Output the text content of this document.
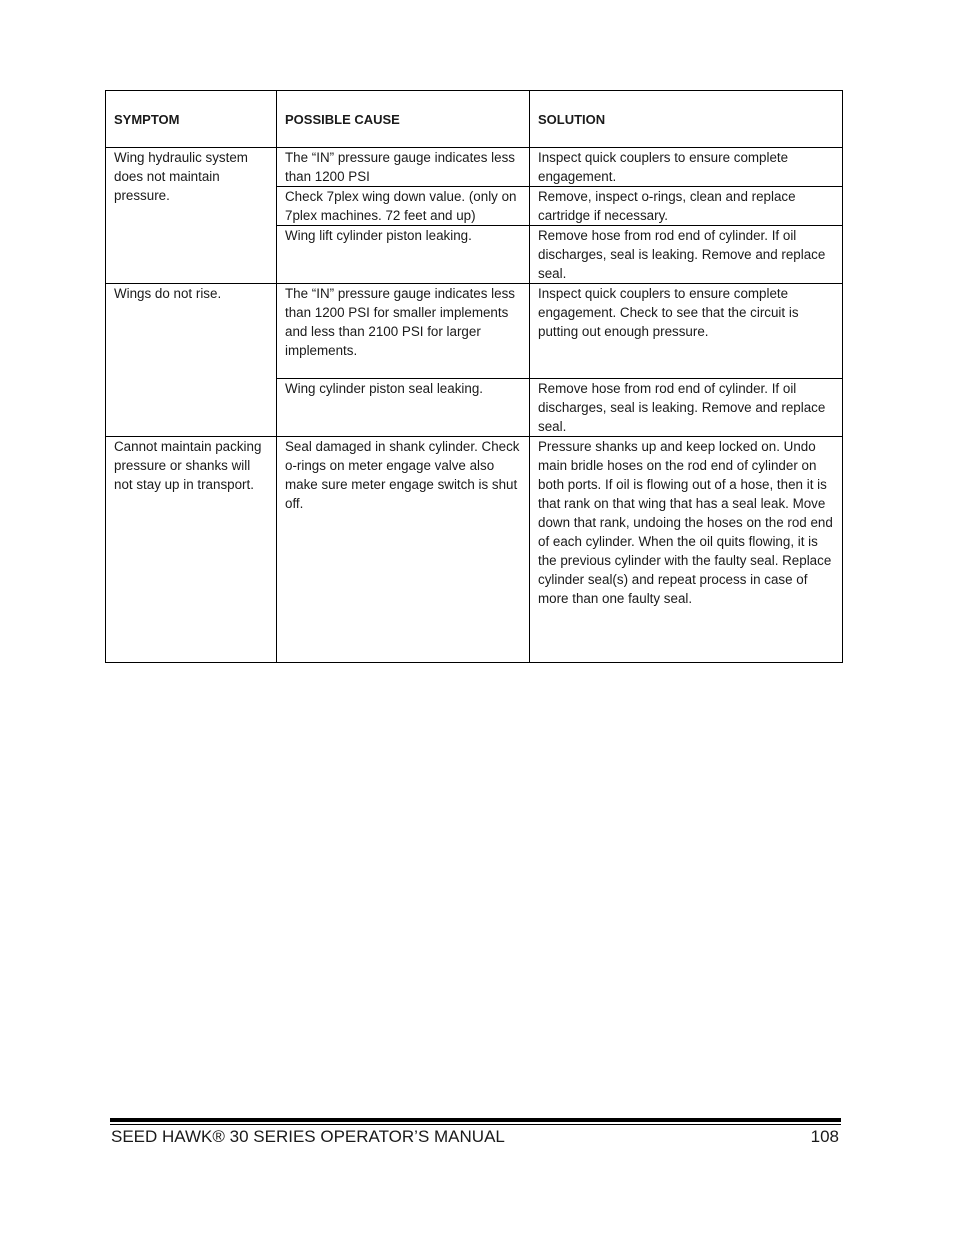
SYMPTOM	POSSIBLE CAUSE	SOLUTION
Wing hydraulic system does not maintain pressure.	The “IN” pressure gauge indicates less than 1200 PSI	Inspect quick couplers to ensure complete engagement.
	Check 7plex wing down value. (only on 7plex machines. 72 feet and up)	Remove, inspect o-rings, clean and replace cartridge if necessary.
	Wing lift cylinder piston leaking.	Remove hose from rod end of cylinder. If oil discharges, seal is leaking. Remove and replace seal.
Wings do not rise.	The “IN” pressure gauge indicates less than 1200 PSI for smaller implements and less than 2100 PSI for larger implements.	Inspect quick couplers to ensure complete engagement. Check to see that the circuit is putting out enough pressure.
	Wing cylinder piston seal leaking.	Remove hose from rod end of cylinder. If oil discharges, seal is leaking. Remove and replace seal.
Cannot maintain packing pressure or shanks will not stay up in transport.	Seal damaged in shank cylinder. Check o-rings on meter engage valve also make sure meter engage switch is shut off.	Pressure shanks up and keep locked on. Undo main bridle hoses on the rod end of cylinder on both ports. If oil is flowing out of a hose, then it is that rank on that wing that has a seal leak. Move down that rank, undoing the hoses on the rod end of each cylinder. When the oil quits flowing, it is the previous cylinder with the faulty seal. Replace cylinder seal(s) and repeat process in case of more than one faulty seal.
SEED HAWK® 30 SERIES OPERATOR’S MANUAL	108
